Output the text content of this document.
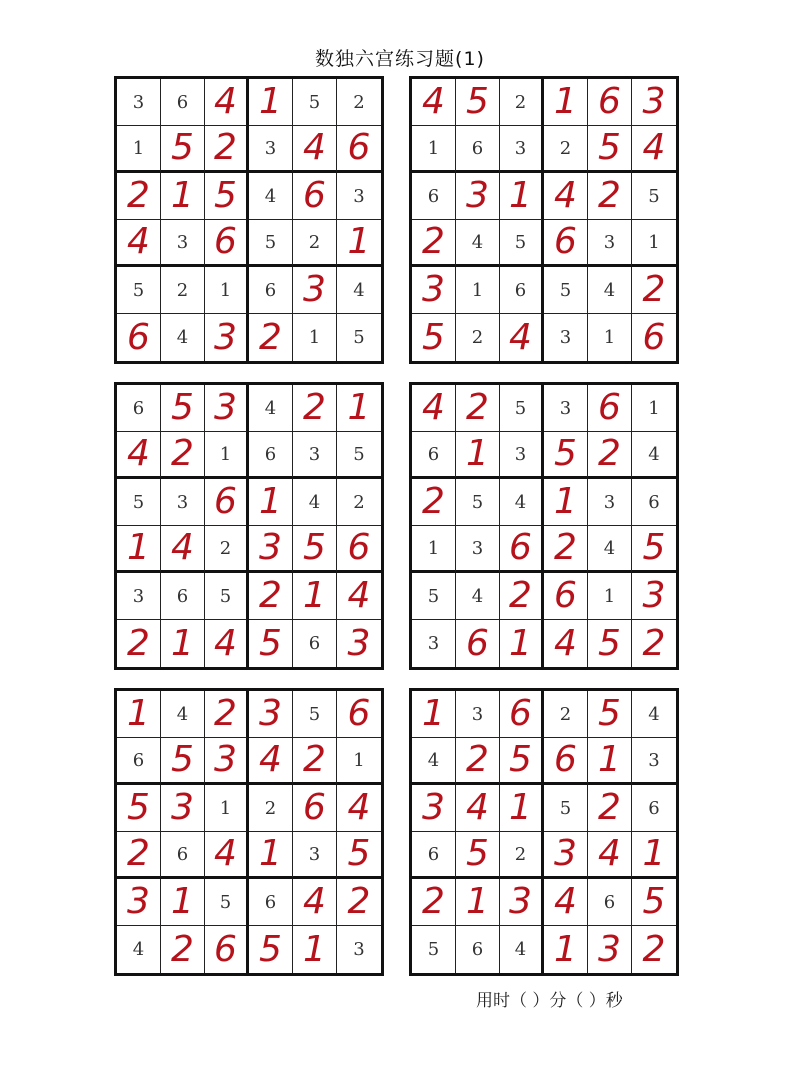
数独六宫练习题(1)
3 6 4 1 5 2
1 5 2 3 4 6
2 1 5 4 6 3
4 3 6 5 2 1
5 2 1 6 3 4
6 4 3 2 1 5
4 5 2 1 6 3
1 6 3 2 5 4
6 3 1 4 2 5
2 4 5 6 3 1
3 1 6 5 4 2
5 2 4 3 1 6
6 5 3 4 2 1
4 2 1 6 3 5
5 3 6 1 4 2
1 4 2 3 5 6
3 6 5 2 1 4
2 1 4 5 6 3
4 2 5 3 6 1
6 1 3 5 2 4
2 5 4 1 3 6
1 3 6 2 4 5
5 4 2 6 1 3
3 6 1 4 5 2
1 4 2 3 5 6
6 5 3 4 2 1
5 3 1 2 6 4
2 6 4 1 3 5
3 1 5 6 4 2
4 2 6 5 1 3
1 3 6 2 5 4
4 2 5 6 1 3
3 4 1 5 2 6
6 5 2 3 4 1
2 1 3 4 6 5
5 6 4 1 3 2
用时（ ）分（ ）秒
